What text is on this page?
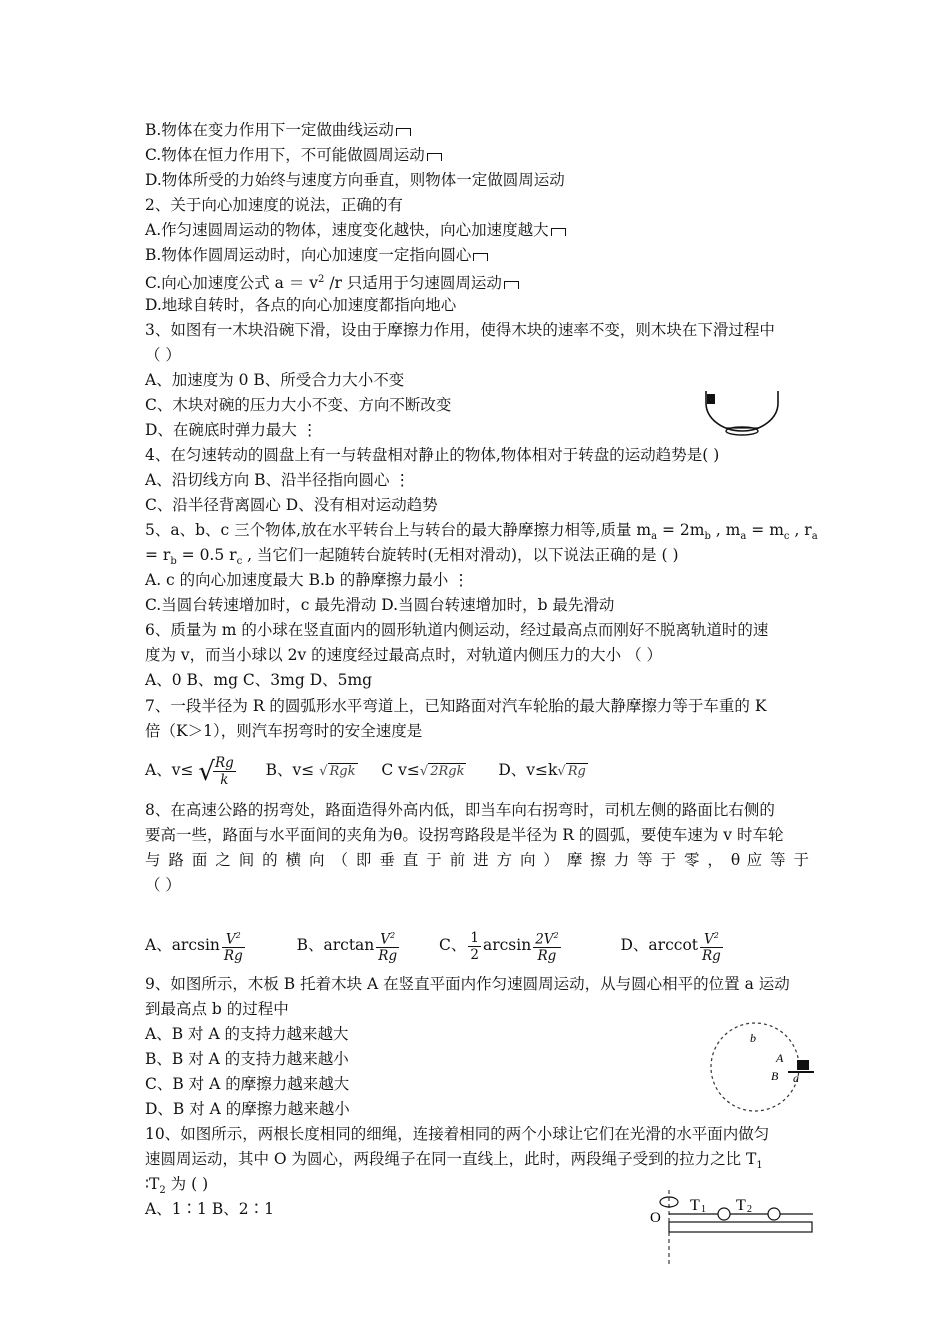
B.物体在变力作用下一定做曲线运动
C.物体在恒力作用下，不可能做圆周运动
D.物体所受的力始终与速度方向垂直，则物体一定做圆周运动
2、关于向心加速度的说法，正确的有
A.作匀速圆周运动的物体，速度变化越快，向心加速度越大
B.物体作圆周运动时，向心加速度一定指向圆心
C.向心加速度公式 $a = v^2$ /r 只适用于匀速圆周运动
D.地球自转时，各点的向心加速度都指向地心
3、如图有一木块沿碗下滑，设由于摩擦力作用，使得木块的速率不变，则木块在下滑过程中
（ ）
A、加速度为 0 B、所受合力大小不变
C、木块对碗的压力大小不变、方向不断改变
D、在碗底时弹力最大 ⋮
4、在匀速转动的圆盘上有一与转盘相对静止的物体,物体相对于转盘的运动趋势是( )
A、沿切线方向 B、沿半径指向圆心 ⋮
C、沿半径背离圆心 D、没有相对运动趋势
5、a、b、c 三个物体,放在水平转台上与转台的最大静摩擦力相等,质量 $m_a = 2m_b$ , $m_a = m_c$ , $r_a$
= $r_b = 0.5$ $r_c$ , 当它们一起随转台旋转时(无相对滑动)，以下说法正确的是 ( )
A. c 的向心加速度最大 B.b 的静摩擦力最小 ⋮
C.当圆台转速增加时，c 最先滑动 D.当圆台转速增加时，b 最先滑动
6、质量为 m 的小球在竖直面内的圆形轨道内侧运动，经过最高点而刚好不脱离轨道时的速
度为 v，而当小球以 2v 的速度经过最高点时，对轨道内侧压力的大小 （ ）
A、0 B、mg C、3mg D、5mg
7、一段半径为 R 的圆弧形水平弯道上，已知路面对汽车轮胎的最大静摩擦力等于车重的 K
倍（K＞1），则汽车拐弯时的安全速度是
A、v≤ √
$\frac{Rg}{k}$ B、v≤ √ Rgk C v≤√ 2Rgk D、v≤k√ Rg
8、在高速公路的拐弯处，路面造得外高内低，即当车向右拐弯时，司机左侧的路面比右侧的
要高一些，路面与水平面间的夹角为θ。设拐弯路段是半径为 R 的圆弧，要使车速为 v 时车轮
与 路 面 之 间 的 横 向 （ 即 垂 直 于 前 进 方 向 ） 摩 擦 力 等 于 零 ， θ 应 等 于
（ ）
A、$\arcsin \frac{V^2}{Rg}$	B、$\arctan \frac{V^2}{Rg}$	C、 $\frac{1}{2}$ $\arcsin \frac{2V^2}{Rg}$	D、arccot $\frac{V^2}{Rg}$
9、如图所示，木板 B 托着木块 A 在竖直平面内作匀速圆周运动，从与圆心相平的位置 a 运动
到最高点 b 的过程中
A、B 对 A 的支持力越来越大
B、B 对 A 的支持力越来越小
C、B 对 A 的摩擦力越来越大
D、B 对 A 的摩擦力越来越小
10、如图所示，两根长度相同的细绳，连接着相同的两个小球让它们在光滑的水平面内做匀
速圆周运动，其中 O 为圆心，两段绳子在同一直线上，此时，两段绳子受到的拉力之比 $T_1$
$∶T_2$ 为 ( )
A、1∶1 B、2∶1
b
A
B a
O
T 1 T 2
